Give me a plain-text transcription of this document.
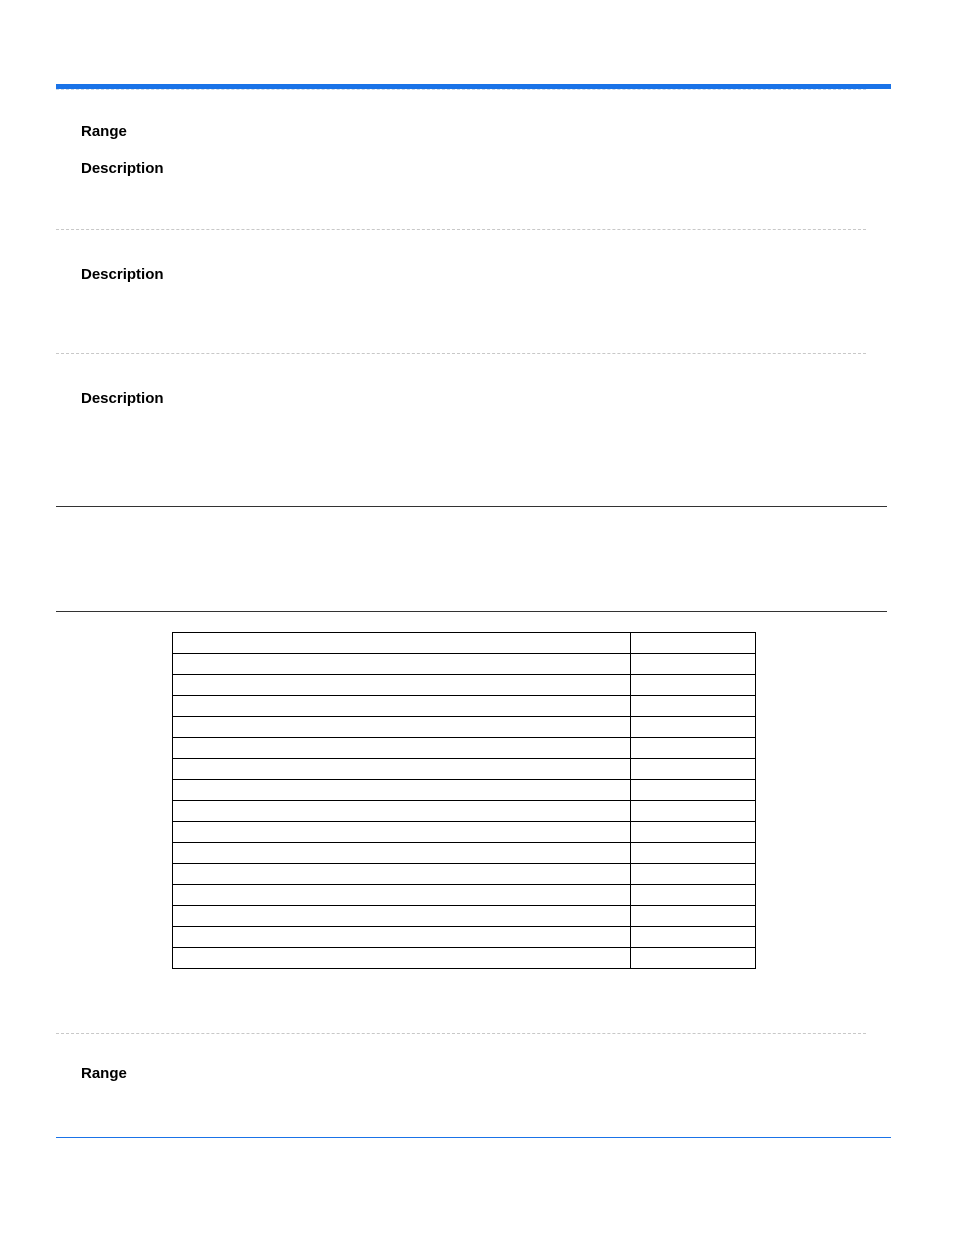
Range
Description
Description
Description

Range
